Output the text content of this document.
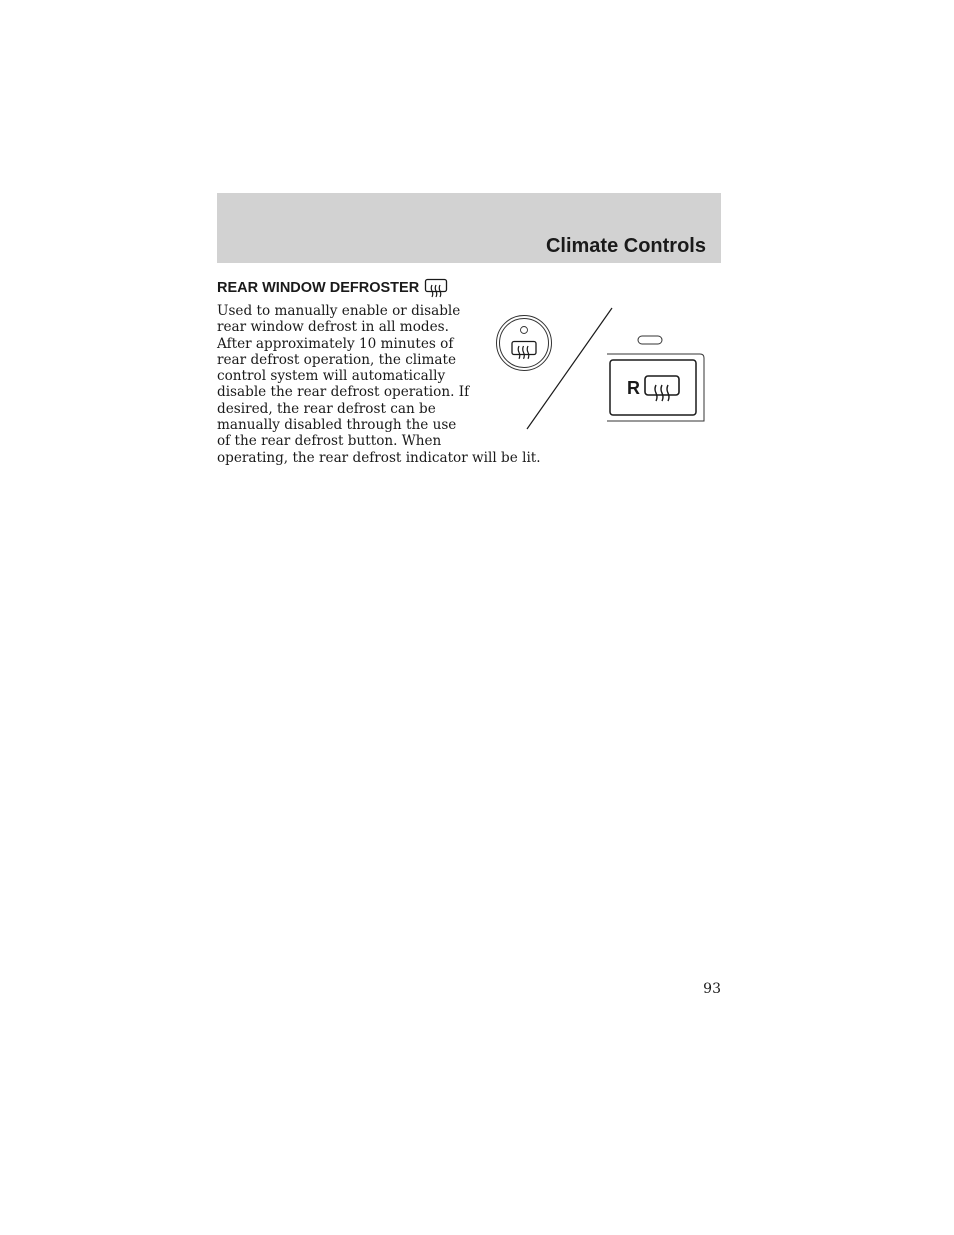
Climate Controls
REAR WINDOW DEFROSTER
Used to manually enable or disable
rear window defrost in all modes.
After approximately 10 minutes of
rear defrost operation, the climate
control system will automatically
disable the rear defrost operation. If
desired, the rear defrost can be
manually disabled through the use
of the rear defrost button. When
operating, the rear defrost indicator will be lit.
R
93
